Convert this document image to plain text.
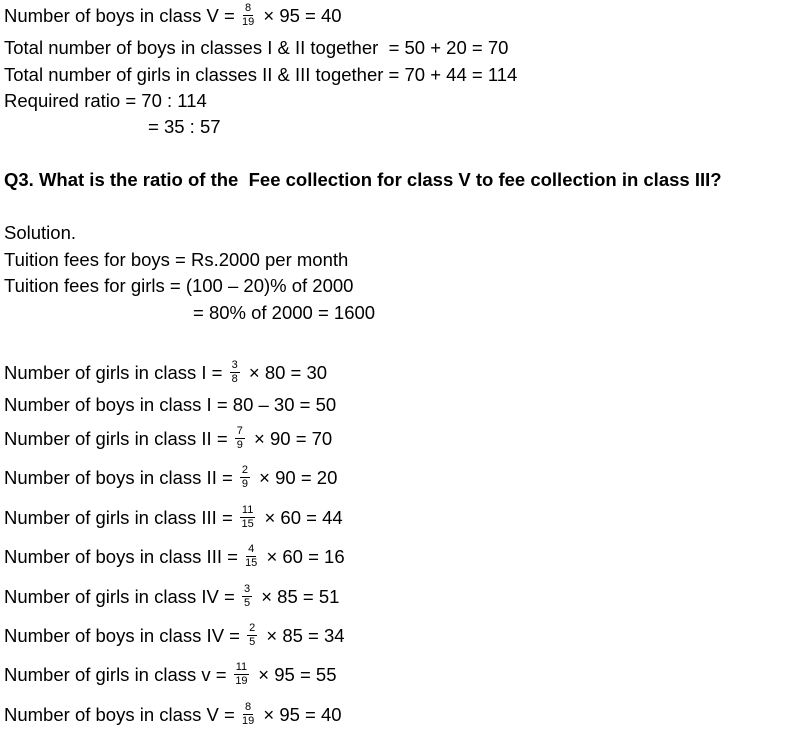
Number of boys in class $V = \frac{8}{19} \times 95 = 40$
Total number of boys in classes I & II together  = 50 + 20 = 70
Total number of girls in classes II & III together = 70 + 44 = 114
Required ratio = 70 : 114
= 35 : 57
Q3. What is the ratio of the  Fee collection for class V to fee collection in class III?
Solution.
Tuition fees for boys = Rs.2000 per month
Tuition fees for girls = (100 – 20)% of 2000
= 80% of 2000 = 1600
Number of girls in class $I = \frac{3}{8} \times 80 = 30$
Number of boys in class I = 80 – 30 = 50
Number of girls in class II = $\frac{7}{9} \times 90 = 70$
Number of boys in class II = $\frac{2}{9} \times 90 = 20$
Number of girls in class III = $\frac{11}{15} \times 60 = 44$
Number of boys in class III = $\frac{4}{15} \times 60 = 16$
Number of girls in class IV = $\frac{3}{5} \times 85 = 51$
Number of boys in class IV = $\frac{2}{5} \times 85 = 34$
Number of girls in class $v = \frac{11}{19} \times 95 = 55$
Number of boys in class $V = \frac{8}{19} \times 95 = 40$
